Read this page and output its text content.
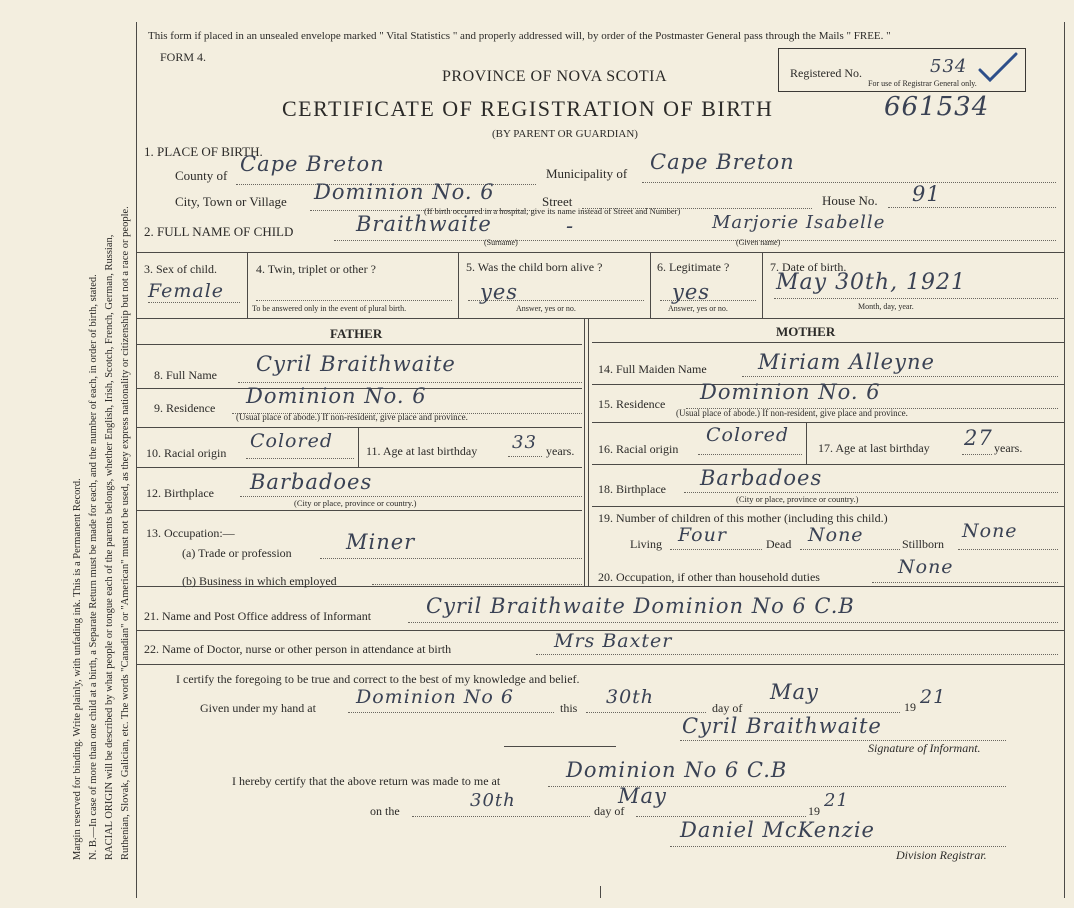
Margin reserved for binding. Write plainly, with unfading ink. This is a Permanent Record. N. B.—In case of more than one child at a birth, a Separate Return must be made for each, and the number of each, in order of birth, stated. RACIAL ORIGIN will be described by what people or tongue each of the parents belongs, whether English, Irish, Scotch, French, German, Russian, Ruthenian, Slovak, Galician, etc. The words "Canadian" or "American" must not be used, as they express nationality or citizenship but not a race or people.
This form if placed in an unsealed envelope marked " Vital Statistics " and properly addressed will, by order of the Postmaster General pass through the Mails " FREE. "
FORM 4.
PROVINCE OF NOVA SCOTIA	Registered No.	534
For use of Registrar General only.
CERTIFICATE OF REGISTRATION OF BIRTH	661534
(BY PARENT OR GUARDIAN)
1. PLACE OF BIRTH.
County of Cape Breton	Municipality of Cape Breton
City, Town or Village Dominion No. 6	Street	House No. 91
(If birth occurred in a hospital, give its name instead of Street and Number)
2. FULL NAME OF CHILD	Braithwaite	-	Marjorie Isabelle
(Surname)	(Given name)
3. Sex of child.
Female
4. Twin, triplet or other ?
To be answered only in the event of plural birth.
5. Was the child born alive ?
yes
Answer, yes or no.
6. Legitimate ?
yes
Answer, yes or no.
7. Date of birth.
May 30th, 1921
Month, day, year.
FATHER	MOTHER
8. Full Name Cyril Braithwaite
9. Residence Dominion No. 6
(Usual place of abode.) If non-resident, give place and province.
10. Racial origin
Colored	11. Age at last birthday 33 years.
12. Birthplace Barbadoes
(City or place, province or country.)
13. Occupation:—
(a) Trade or profession	Miner
(b) Business in which employed
14. Full Maiden Name Miriam Alleyne
15. Residence Dominion No. 6
(Usual place of abode.) If non-resident, give place and province.
16. Racial origin
Colored
17. Age at last birthday 27 years.
18. Birthplace Barbadoes
(City or place, province or country.)
19. Number of children of this mother (including this child.)
Living Four	Dead None	Stillborn
None
20. Occupation, if other than household duties	None
21. Name and Post Office address of Informant	Cyril Braithwaite Dominion No 6 C.B
22. Name of Doctor, nurse or other person in attendance at birth	Mrs Baxter
I certify the foregoing to be true and correct to the best of my knowledge and belief.
Given under my hand at Dominion No 6	this 30th	day of
May
19 21
Cyril Braithwaite
Signature of Informant.
I hereby certify that the above return was made to me at	Dominion No 6 C.B
on the	30th	day of
May
19 21
Daniel McKenzie
Division Registrar.
